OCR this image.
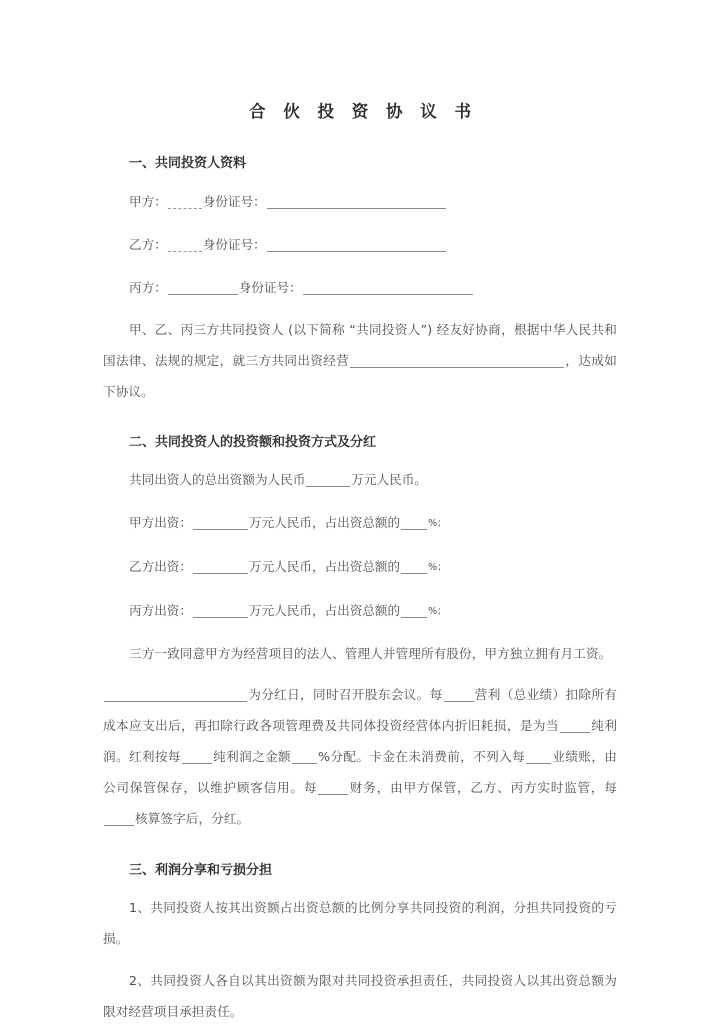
合 伙 投 资 协 议 书
一、共同投资人资料
甲方：	身份证号：
乙方：	身份证号：
丙方：	身份证号：

甲、乙、丙三方共同投资人 (以下简称 “共同投资人”) 经友好协商，根据中华人民共和国法律、法规的规定，就三方共同出资经营	，达成如下协议。

二、共同投资人的投资额和投资方式及分红
共同出资人的总出资额为人民币	万元人民币。
甲方出资：	万元人民币，占出资总额的	%；
乙方出资：	万元人民币，占出资总额的	%；
丙方出资：	万元人民币，占出资总额的	%；

三方一致同意甲方为经营项目的法人、管理人并管理所有股份，甲方独立拥有月工资。

为分红日，同时召开股东会议。每	营利（总业绩）扣除所有成本应支出后，再扣除行政各项管理费及共同体投资经营体内折旧耗损，是为当	纯利润。红利按每	纯利润之金额 %分配。卡金在未消费前，不列入每 业绩账，由公司保管保存，以维护顾客信用。每	财务，由甲方保管，乙方、丙方实时监管，每核算签字后，分红。

三、利润分享和亏损分担

1、共同投资人按其出资额占出资总额的比例分享共同投资的利润，分担共同投资的亏损。

2、共同投资人各自以其出资额为限对共同投资承担责任，共同投资人以其出资总额为限对经营项目承担责任。
